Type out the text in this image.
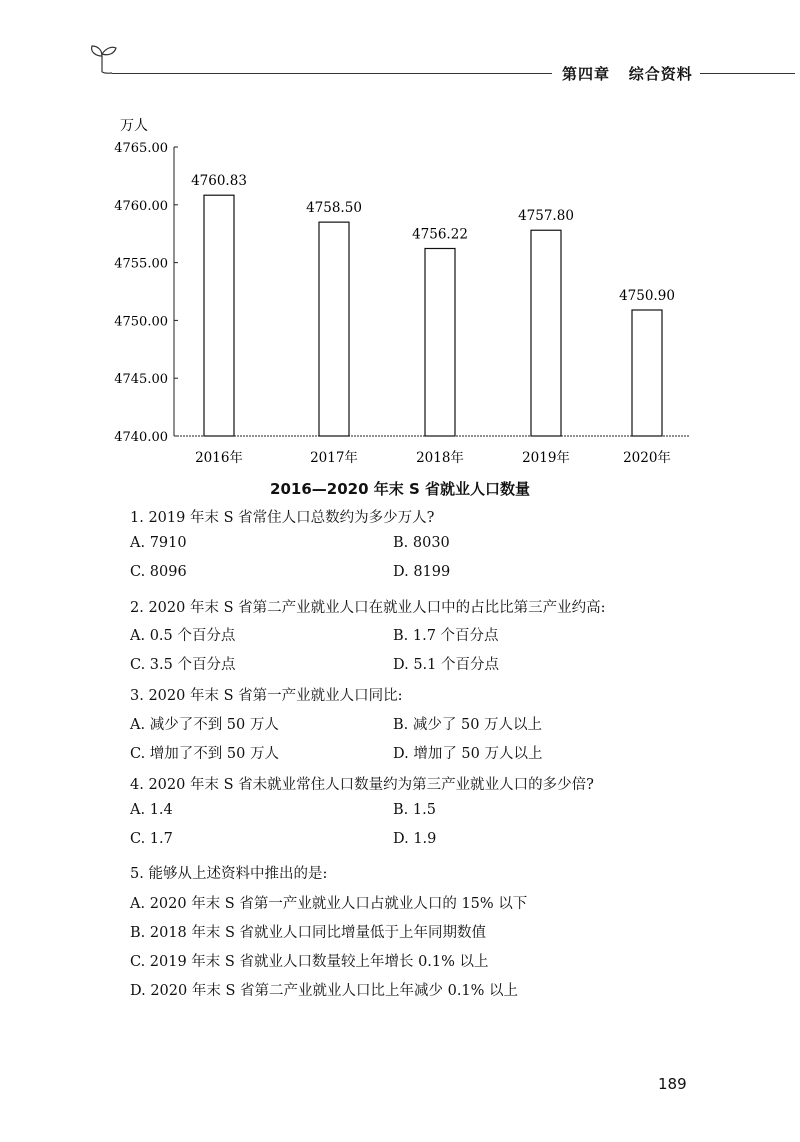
第四章 综合资料
万人
4740.00
4745.00
4750.00
4755.00
4760.00
4765.00
4760.83
2016年
4758.50
2017年
4756.22
2018年
4757.80
2019年
4750.90
2020年
2016—2020 年末 S 省就业人口数量
1. 2019 年末 S 省常住人口总数约为多少万人?
A. 7910	B. 8030
C. 8096	D. 8199
2. 2020 年末 S 省第二产业就业人口在就业人口中的占比比第三产业约高:
A. 0.5 个百分点	B. 1.7 个百分点
C. 3.5 个百分点	D. 5.1 个百分点
3. 2020 年末 S 省第一产业就业人口同比:
A. 减少了不到 50 万人	B. 减少了 50 万人以上
C. 增加了不到 50 万人	D. 增加了 50 万人以上
4. 2020 年末 S 省未就业常住人口数量约为第三产业就业人口的多少倍?
A. 1.4	B. 1.5
C. 1.7	D. 1.9
5. 能够从上述资料中推出的是:
A. 2020 年末 S 省第一产业就业人口占就业人口的 15% 以下
B. 2018 年末 S 省就业人口同比增量低于上年同期数值
C. 2019 年末 S 省就业人口数量较上年增长 0.1% 以上
D. 2020 年末 S 省第二产业就业人口比上年减少 0.1% 以上
189
